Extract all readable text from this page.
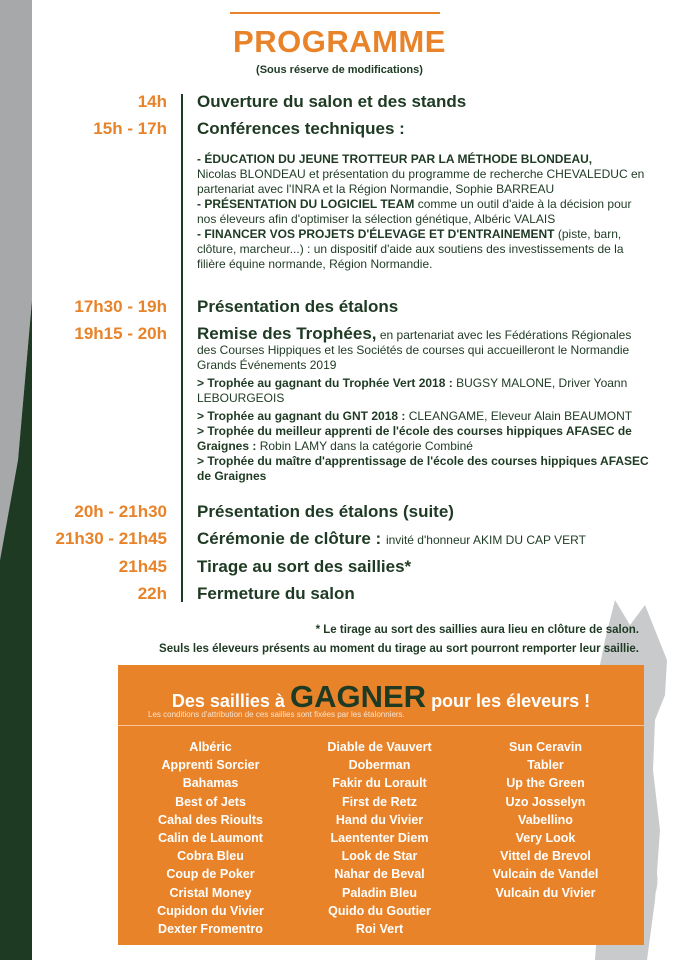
PROGRAMME
(Sous réserve de modifications)
14h Ouverture du salon et des stands
15h - 17h Conférences techniques :
- ÉDUCATION DU JEUNE TROTTEUR PAR LA MÉTHODE BLONDEAU,
Nicolas BLONDEAU et présentation du programme de recherche CHEVALEDUC en partenariat avec l'INRA et la Région Normandie, Sophie BARREAU
- PRÉSENTATION DU LOGICIEL TEAM comme un outil d'aide à la décision pour nos éleveurs afin d'optimiser la sélection génétique, Albéric VALAIS
- FINANCER VOS PROJETS D'ÉLEVAGE ET D'ENTRAINEMENT (piste, barn, clôture, marcheur...) : un dispositif d'aide aux soutiens des investissements de la filière équine normande, Région Normandie.
17h30 - 19h Présentation des étalons
19h15 - 20h Remise des Trophées, en partenariat avec les Fédérations Régionales des Courses Hippiques et les Sociétés de courses qui accueilleront le Normandie Grands Événements 2019
> Trophée au gagnant du Trophée Vert 2018 : BUGSY MALONE, Driver Yoann LEBOURGEOIS
> Trophée au gagnant du GNT 2018 : CLEANGAME, Eleveur Alain BEAUMONT
> Trophée du meilleur apprenti de l'école des courses hippiques AFASEC de Graignes : Robin LAMY dans la catégorie Combiné
> Trophée du maître d'apprentissage de l'école des courses hippiques AFASEC de Graignes
20h - 21h30 Présentation des étalons (suite)
21h30 - 21h45 Cérémonie de clôture : invité d'honneur AKIM DU CAP VERT
21h45 Tirage au sort des saillies*
22h Fermeture du salon
* Le tirage au sort des saillies aura lieu en clôture de salon.
Seuls les éleveurs présents au moment du tirage au sort pourront remporter leur saillie.
Des saillies à GAGNER pour les éleveurs !
Les conditions d'attribution de ces saillies sont fixées par les étalonniers.
Albéric
Apprenti Sorcier
Bahamas
Best of Jets
Cahal des Rioults
Calin de Laumont
Cobra Bleu
Coup de Poker
Cristal Money
Cupidon du Vivier
Dexter Fromentro
Diable de Vauvert
Doberman
Fakir du Lorault
First de Retz
Hand du Vivier
Laententer Diem
Look de Star
Nahar de Beval
Paladin Bleu
Quido du Goutier
Roi Vert
Sun Ceravin
Tabler
Up the Green
Uzo Josselyn
Vabellino
Very Look
Vittel de Brevol
Vulcain de Vandel
Vulcain du Vivier
